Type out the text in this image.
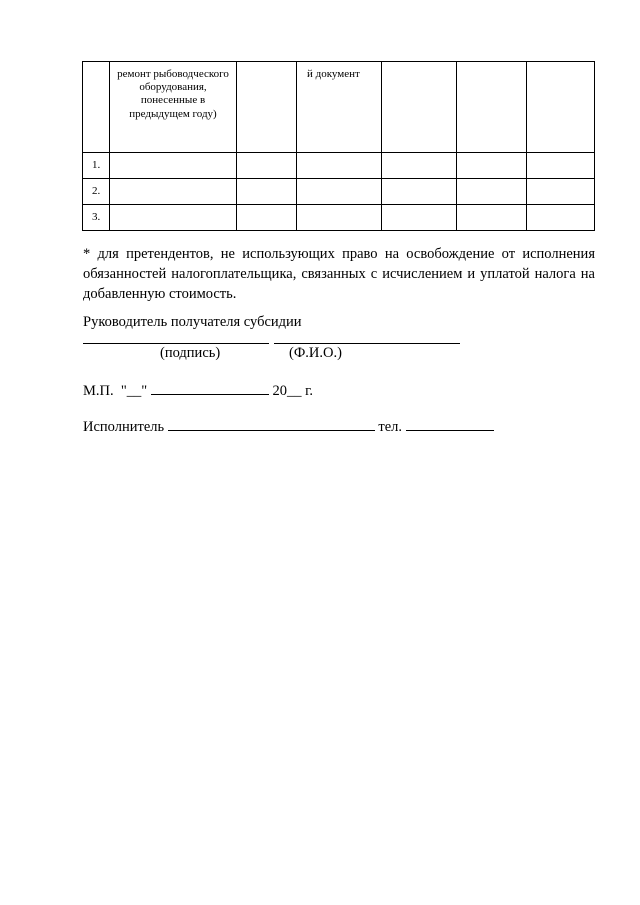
	ремонт рыбоводческого оборудования, понесенные в предыдущем году)		й документ			
1.						
2.						
3.						
* для претендентов, не использующих право на освобождение от исполнения обязанностей налогоплательщика, связанных с исчислением и уплатой налога на добавленную стоимость.
Руководитель получателя субсидии
(подпись)	(Ф.И.О.)
М.П. "__"	20__ г.
Исполнитель	тел.
